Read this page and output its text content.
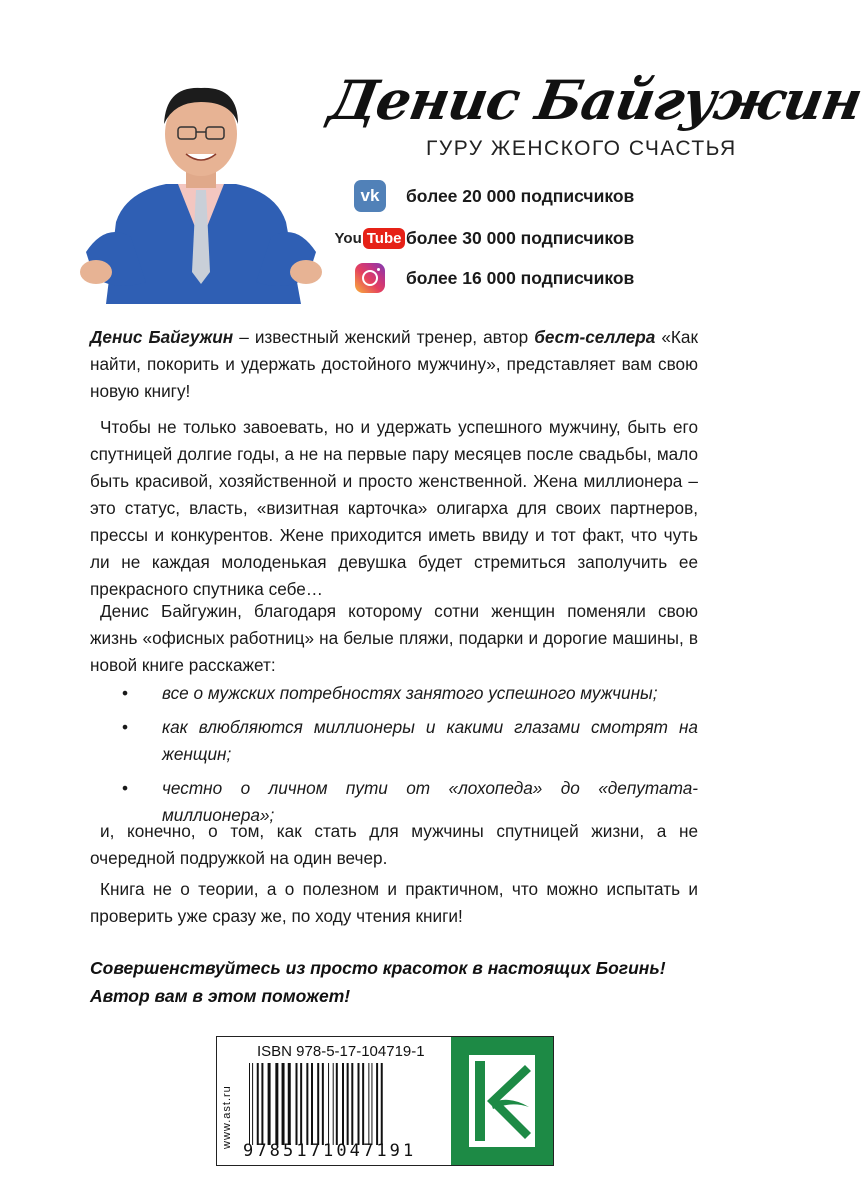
Денис Байгужин
ГУРУ ЖЕНСКОГО СЧАСТЬЯ
vk	более 20 000 подписчиков
You Tube более 30 000 подписчиков
более 16 000 подписчиков
Денис Байгужин – известный женский тренер, автор бест-селлера «Как найти, покорить и удержать достойного мужчину», представляет вам свою новую книгу!
Чтобы не только завоевать, но и удержать успешного мужчину, быть его спутницей долгие годы, а не на первые пару месяцев после свадьбы, мало быть красивой, хозяйственной и просто женственной. Жена миллионера – это статус, власть, «визитная карточка» олигарха для своих партнеров, прессы и конкурентов. Жене приходится иметь ввиду и тот факт, что чуть ли не каждая молоденькая девушка будет стремиться заполучить ее прекрасного спутника себе…
Денис Байгужин, благодаря которому сотни женщин поменяли свою жизнь «офисных работниц» на белые пляжи, подарки и дорогие машины, в новой книге расскажет:
• все о мужских потребностях занятого успешного мужчины;
• как влюбляются миллионеры и какими глазами смотрят на женщин;
• честно о личном пути от «лохопеда» до «депутата-миллионера»;
и, конечно, о том, как стать для мужчины спутницей жизни, а не очередной подружкой на один вечер.
Книга не о теории, а о полезном и практичном, что можно испытать и проверить уже сразу же, по ходу чтения книги!
Совершенствуйтесь из просто красоток в настоящих Богинь!
Автор вам в этом поможет!
www.ast.ru
ISBN 978-5-17-104719-1
9785171047191
